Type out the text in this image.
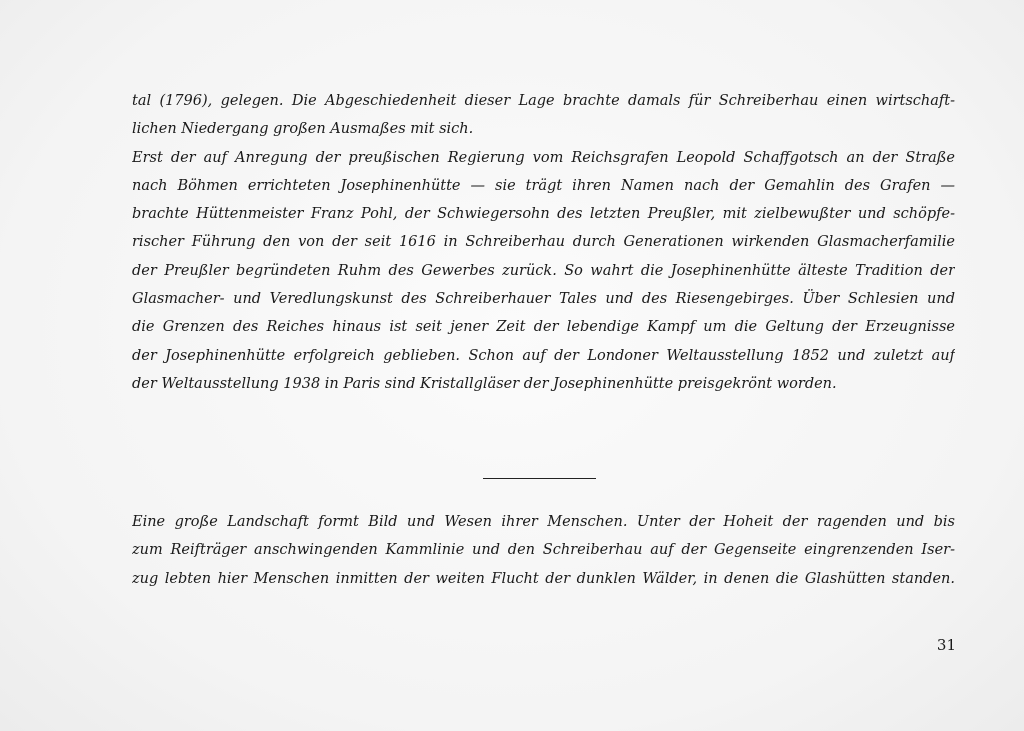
tal (1796), gelegen. Die Abgeschiedenheit dieser Lage brachte damals für Schreiberhau einen wirtschaft-
lichen Niedergang großen Ausmaßes mit sich.
Erst der auf Anregung der preußischen Regierung vom Reichsgrafen Leopold Schaffgotsch an der Straße
nach Böhmen errichteten Josephinenhütte — sie trägt ihren Namen nach der Gemahlin des Grafen —
brachte Hüttenmeister Franz Pohl, der Schwiegersohn des letzten Preußler, mit zielbewußter und schöpfe-
rischer Führung den von der seit 1616 in Schreiberhau durch Generationen wirkenden Glasmacherfamilie
der Preußler begründeten Ruhm des Gewerbes zurück. So wahrt die Josephinenhütte älteste Tradition der
Glasmacher- und Veredlungskunst des Schreiberhauer Tales und des Riesengebirges. Über Schlesien und
die Grenzen des Reiches hinaus ist seit jener Zeit der lebendige Kampf um die Geltung der Erzeugnisse
der Josephinenhütte erfolgreich geblieben. Schon auf der Londoner Weltausstellung 1852 und zuletzt auf
der Weltausstellung 1938 in Paris sind Kristallgläser der Josephinenhütte preisgekrönt worden.
Eine große Landschaft formt Bild und Wesen ihrer Menschen. Unter der Hoheit der ragenden und bis
zum Reifträger anschwingenden Kammlinie und den Schreiberhau auf der Gegenseite eingrenzenden Iser-
zug lebten hier Menschen inmitten der weiten Flucht der dunklen Wälder, in denen die Glashütten standen.
31
